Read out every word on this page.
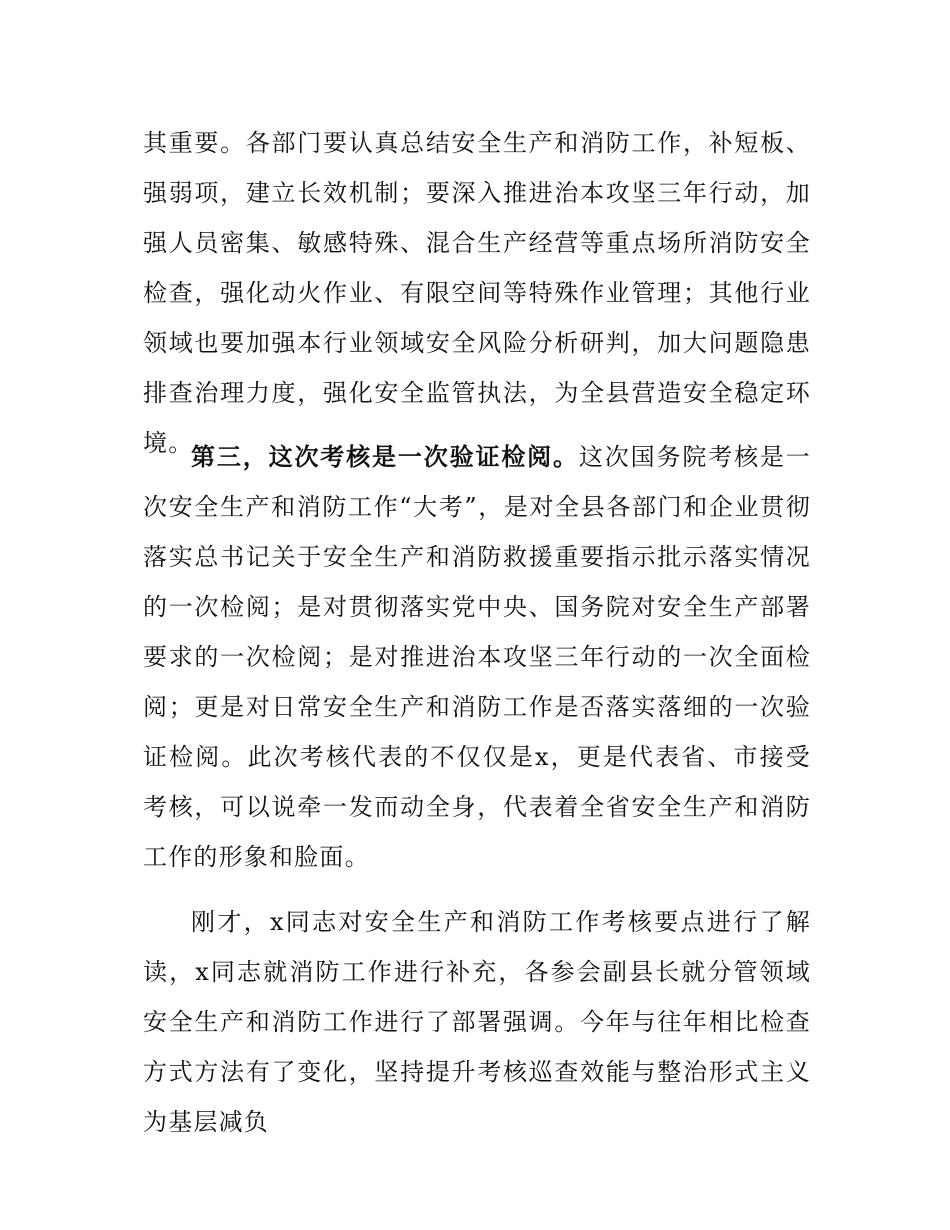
其重要。各部门要认真总结安全生产和消防工作，补短板、强弱项，建立长效机制；要深入推进治本攻坚三年行动，加强人员密集、敏感特殊、混合生产经营等重点场所消防安全检查，强化动火作业、有限空间等特殊作业管理；其他行业领域也要加强本行业领域安全风险分析研判，加大问题隐患排查治理力度，强化安全监管执法，为全县营造安全稳定环境。

第三，这次考核是一次验证检阅。这次国务院考核是一次安全生产和消防工作“大考”，是对全县各部门和企业贯彻落实总书记关于安全生产和消防救援重要指示批示落实情况的一次检阅；是对贯彻落实党中央、国务院对安全生产部署要求的一次检阅；是对推进治本攻坚三年行动的一次全面检阅；更是对日常安全生产和消防工作是否落实落细的一次验证检阅。此次考核代表的不仅仅是x，更是代表省、市接受考核，可以说牵一发而动全身，代表着全省安全生产和消防工作的形象和脸面。

刚才，x同志对安全生产和消防工作考核要点进行了解读，x同志就消防工作进行补充，各参会副县长就分管领域安全生产和消防工作进行了部署强调。今年与往年相比检查方式方法有了变化，坚持提升考核巡查效能与整治形式主义为基层减负
